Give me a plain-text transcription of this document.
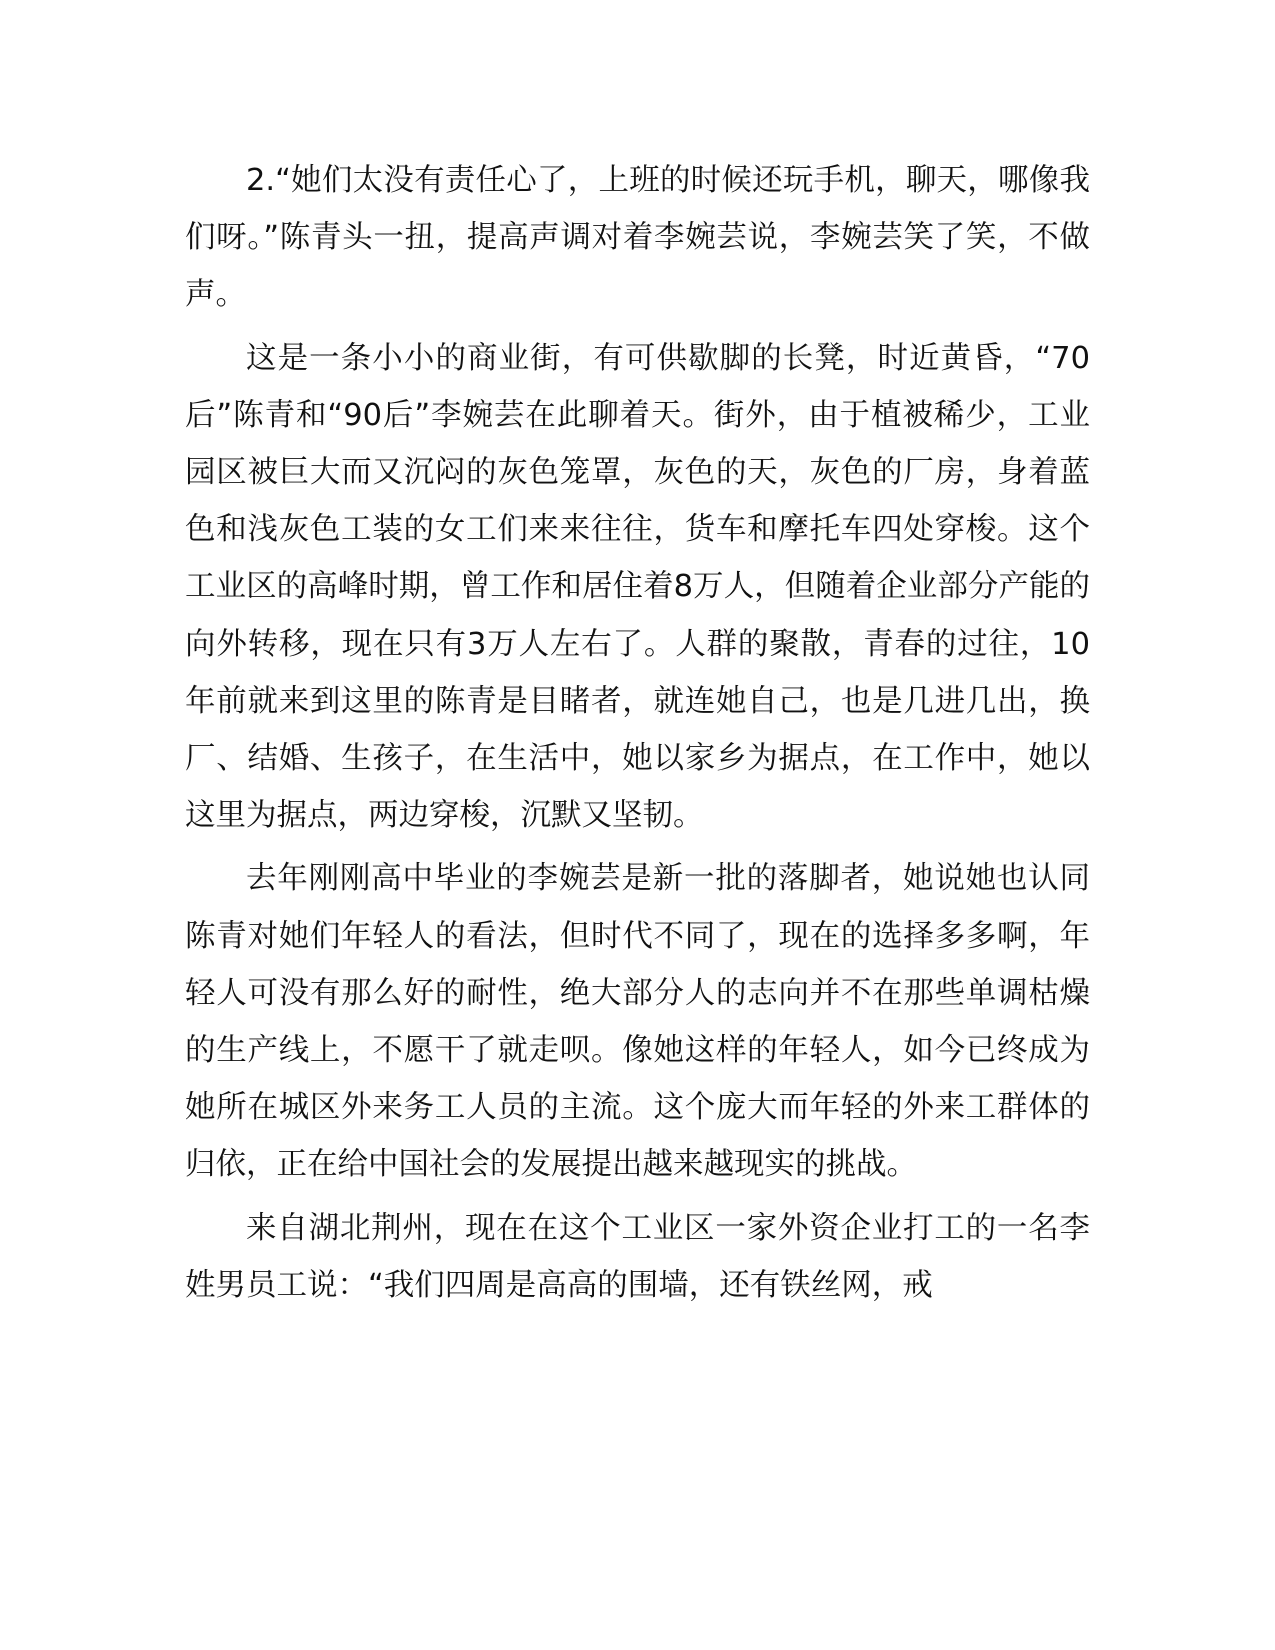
2.“她们太没有责任心了，上班的时候还玩手机，聊天，哪像我们呀。”陈青头一扭，提高声调对着李婉芸说，李婉芸笑了笑，不做声。

这是一条小小的商业街，有可供歇脚的长凳，时近黄昏，“70后”陈青和“90后”李婉芸在此聊着天。街外，由于植被稀少，工业园区被巨大而又沉闷的灰色笼罩，灰色的天，灰色的厂房，身着蓝色和浅灰色工装的女工们来来往往，货车和摩托车四处穿梭。这个工业区的高峰时期，曾工作和居住着8万人，但随着企业部分产能的向外转移，现在只有3万人左右了。人群的聚散，青春的过往，10年前就来到这里的陈青是目睹者，就连她自己，也是几进几出，换厂、结婚、生孩子，在生活中，她以家乡为据点，在工作中，她以这里为据点，两边穿梭，沉默又坚韧。

去年刚刚高中毕业的李婉芸是新一批的落脚者，她说她也认同陈青对她们年轻人的看法，但时代不同了，现在的选择多多啊，年轻人可没有那么好的耐性，绝大部分人的志向并不在那些单调枯燥的生产线上，不愿干了就走呗。像她这样的年轻人，如今已终成为她所在城区外来务工人员的主流。这个庞大而年轻的外来工群体的归依，正在给中国社会的发展提出越来越现实的挑战。

来自湖北荆州，现在在这个工业区一家外资企业打工的一名李姓男员工说：“我们四周是高高的围墙，还有铁丝网，戒
